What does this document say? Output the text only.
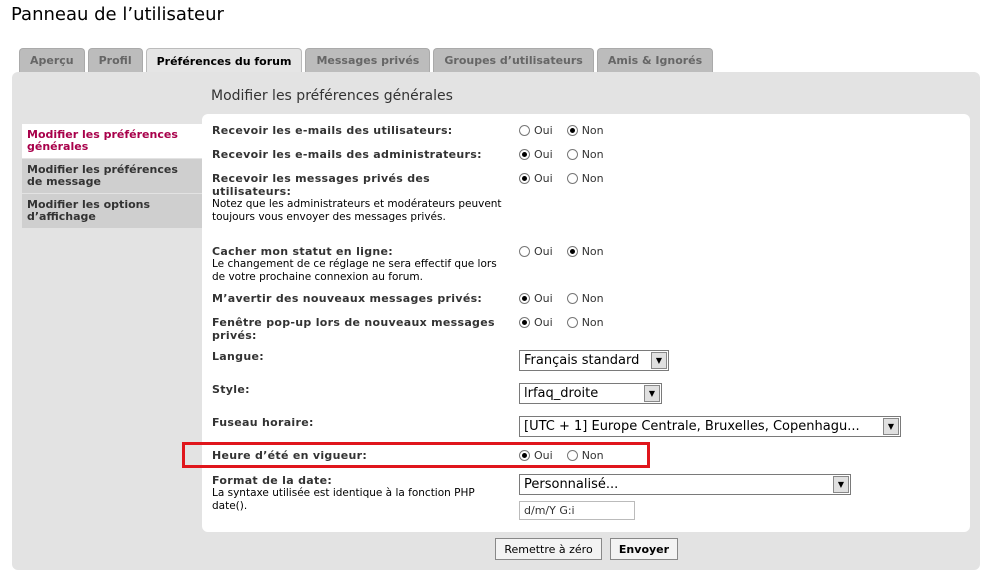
Panneau de l’utilisateur
Aperçu	Profil	Préférences du forum	Messages privés	Groupes d’utilisateurs	Amis & Ignorés
Modifier les préférences générales
Modifier les préférences générales
Modifier les préférences de message
Modifier les options d’affichage
Recevoir les e-mails des utilisateurs:	Oui	Non
Recevoir les e-mails des administrateurs:	Oui	Non
Recevoir les messages privés des utilisateurs:
Notez que les administrateurs et modérateurs peuvent toujours vous envoyer des messages privés.
Oui	Non
Cacher mon statut en ligne:
Le changement de ce réglage ne sera effectif que lors de votre prochaine connexion au forum.
Oui	Non
M’avertir des nouveaux messages privés:	Oui	Non
Fenêtre pop-up lors de nouveaux messages privés:
Oui	Non
Langue:	Français standard	▼
Style:	lrfaq_droite	▼
Fuseau horaire:	[UTC + 1] Europe Centrale, Bruxelles, Copenhagu...	▼
Heure d’été en vigueur:	Oui	Non
Format de la date:
La syntaxe utilisée est identique à la fonction PHP date().
Personnalisé...	▼
d/m/Y G:i
Remettre à zéro	Envoyer
